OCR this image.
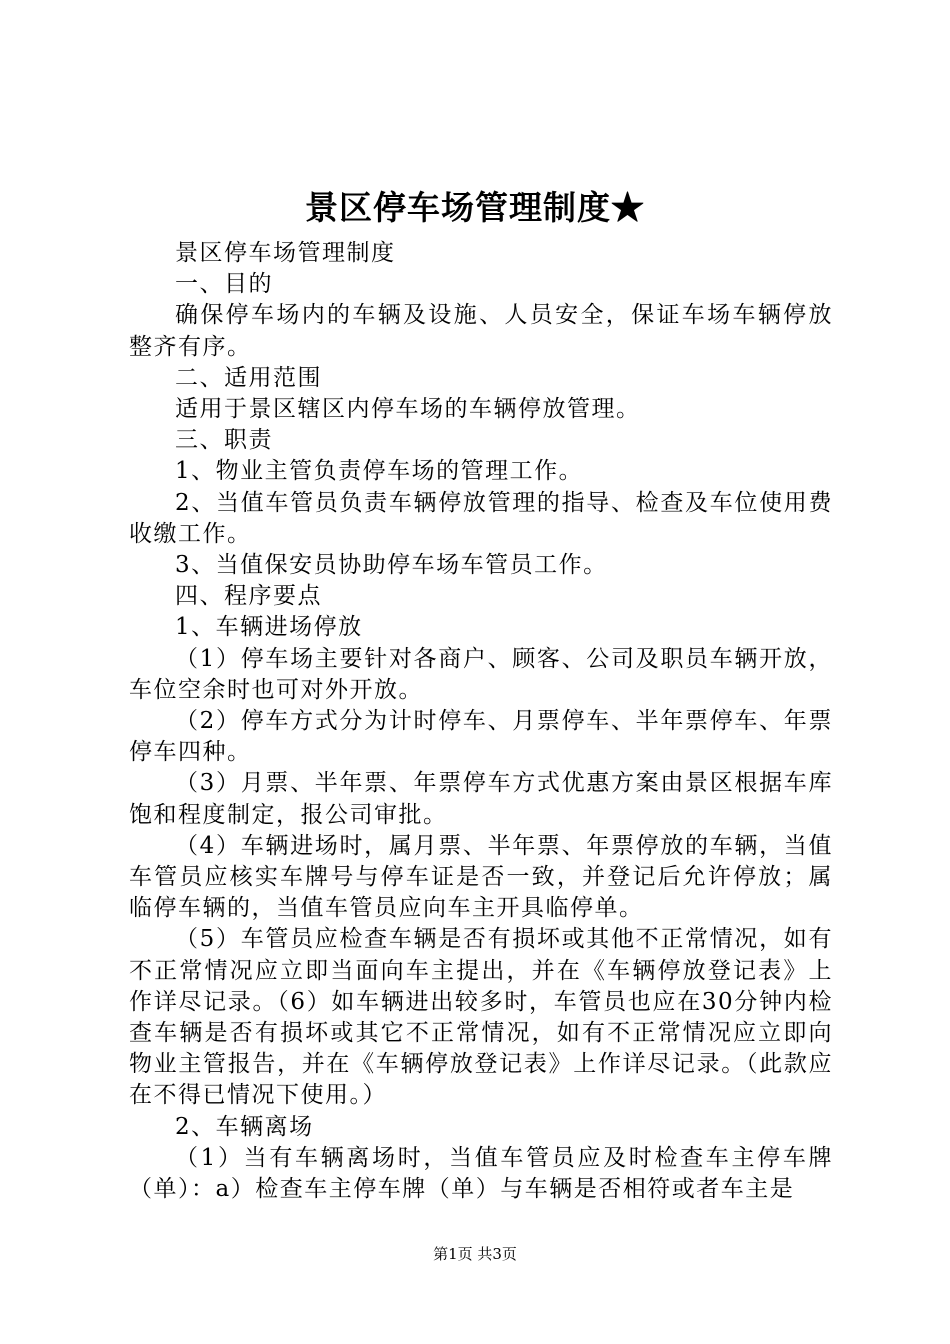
景区停车场管理制度★

景区停车场管理制度

一、目的

确保停车场内的车辆及设施、人员安全，保证车场车辆停放整齐有序。

二、适用范围

适用于景区辖区内停车场的车辆停放管理。

三、职责

1、物业主管负责停车场的管理工作。

2、当值车管员负责车辆停放管理的指导、检查及车位使用费收缴工作。

3、当值保安员协助停车场车管员工作。

四、程序要点

1、车辆进场停放

（1）停车场主要针对各商户、顾客、公司及职员车辆开放，车位空余时也可对外开放。

（2）停车方式分为计时停车、月票停车、半年票停车、年票停车四种。

（3）月票、半年票、年票停车方式优惠方案由景区根据车库饱和程度制定，报公司审批。

（4）车辆进场时，属月票、半年票、年票停放的车辆，当值车管员应核实车牌号与停车证是否一致，并登记后允许停放；属临停车辆的，当值车管员应向车主开具临停单。

（5）车管员应检查车辆是否有损坏或其他不正常情况，如有不正常情况应立即当面向车主提出，并在《车辆停放登记表》上作详尽记录。（6）如车辆进出较多时，车管员也应在30分钟内检查车辆是否有损坏或其它不正常情况，如有不正常情况应立即向物业主管报告，并在《车辆停放登记表》上作详尽记录。（此款应在不得已情况下使用。）

2、车辆离场

（1）当有车辆离场时，当值车管员应及时检查车主停车牌（单）：a）检查车主停车牌（单）与车辆是否相符或者车主是

第1页 共3页
